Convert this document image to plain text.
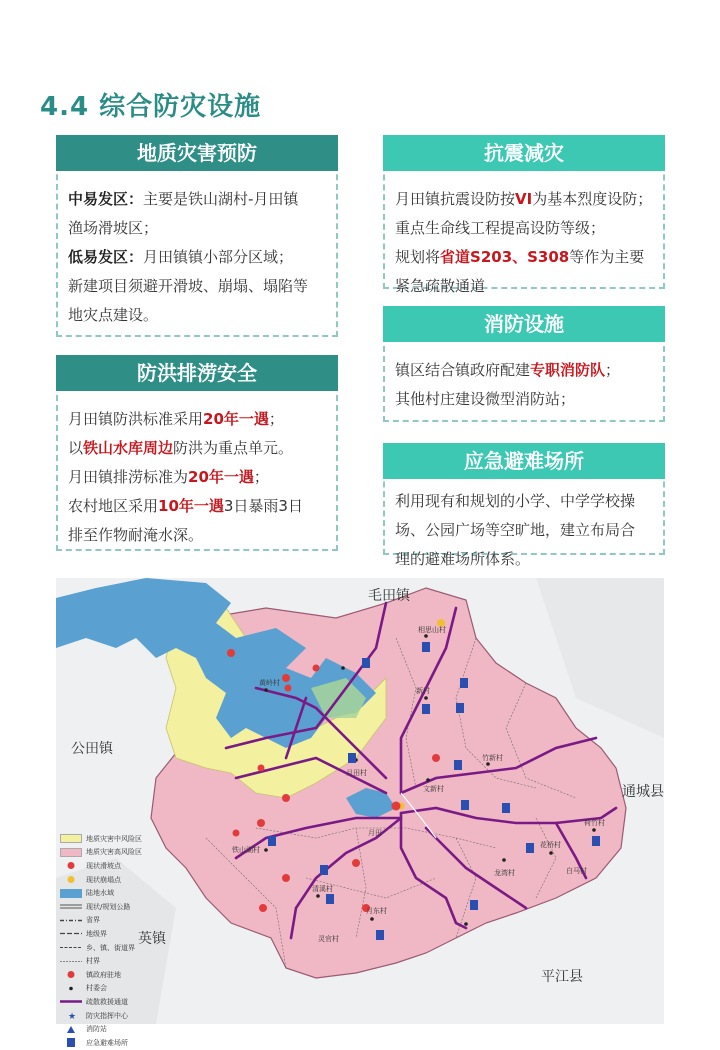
4.4 综合防灾设施
地质灾害预防

中易发区：主要是铁山湖村-月田镇

渔场滑坡区；

低易发区：月田镇镇小部分区域；

新建项目须避开滑坡、崩塌、塌陷等

地灾点建设。

防洪排涝安全

月田镇防洪标准采用20年一遇；

以铁山水库周边防洪为重点单元。

月田镇排涝标准为20年一遇；

农村地区采用10年一遇3日暴雨3日

排至作物耐淹水深。

抗震减灾

月田镇抗震设防按VI为基本烈度设防；

重点生命线工程提高设防等级；

规划将省道S203、S308等作为主要

紧急疏散通道

消防设施

镇区结合镇政府配建专职消防队；

其他村庄建设微型消防站；

应急避难场所

利用现有和规划的小学、中学学校操

场、公园广场等空旷地，建立布局合

理的避难场所体系。

毛田镇
公田镇
通城县
平江县
英镇
相思山村
黄岭村
铁山湖村
月田村
文新村
竹新村
荷竹村
龙湾村
清溪村
月东村
花桥村
白马村
新村
灵官村
月田
地质灾害中风险区
地质灾害高风险区
现状滑坡点
现状崩塌点
陆地水域
现状/规划公路
省界
地级界
乡、镇、街道界
村界
镇政府驻地
村委会
疏散救援通道
★ 防灾指挥中心
消防站
应急避难场所
